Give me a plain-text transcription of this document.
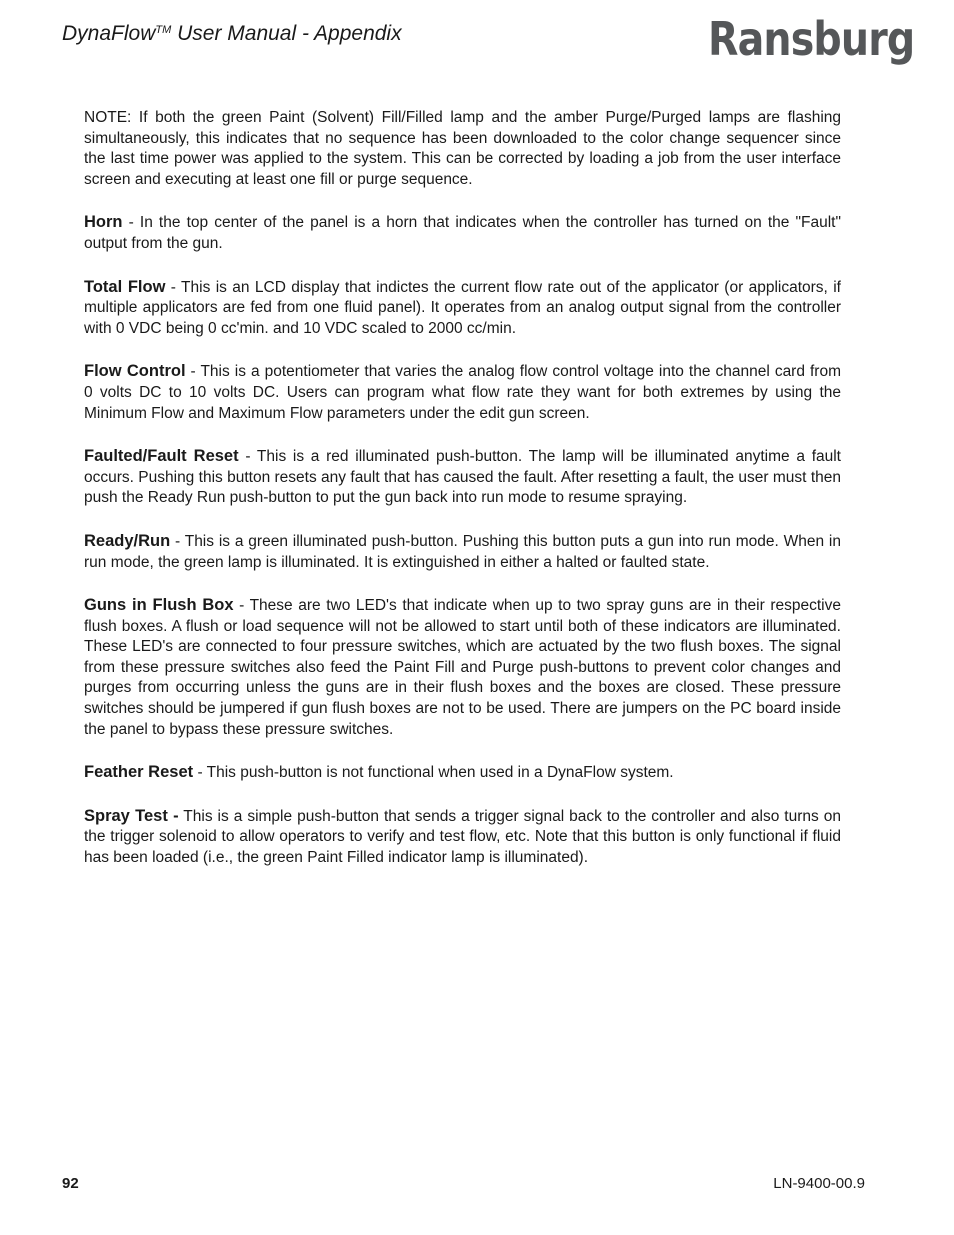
DynaFlow™ User Manual - Appendix	Ransburg

NOTE: If both the green Paint (Solvent) Fill/Filled lamp and the amber Purge/Purged lamps are flashing simultaneously, this indicates that no sequence has been downloaded to the color change sequencer since the last time power was applied to the system. This can be corrected by loading a job from the user interface screen and executing at least one fill or purge sequence.

Horn - In the top center of the panel is a horn that indicates when the controller has turned on the "Fault" output from the gun.

Total Flow - This is an LCD display that indictes the current flow rate out of the applicator (or applicators, if multiple applicators are fed from one fluid panel). It operates from an analog output signal from the controller with 0 VDC being 0 cc'min. and 10 VDC scaled to 2000 cc/min.

Flow Control - This is a potentiometer that varies the analog flow control voltage into the channel card from 0 volts DC to 10 volts DC. Users can program what flow rate they want for both extremes by using the Minimum Flow and Maximum Flow parameters under the edit gun screen.

Faulted/Fault Reset - This is a red illuminated push-button. The lamp will be illuminated anytime a fault occurs. Pushing this button resets any fault that has caused the fault. After resetting a fault, the user must then push the Ready Run push-button to put the gun back into run mode to resume spraying.

Ready/Run - This is a green illuminated push-button. Pushing this button puts a gun into run mode. When in run mode, the green lamp is illuminated. It is extinguished in either a halted or faulted state.

Guns in Flush Box - These are two LED's that indicate when up to two spray guns are in their respective flush boxes. A flush or load sequence will not be allowed to start until both of these indicators are illuminated. These LED's are connected to four pressure switches, which are actuated by the two flush boxes. The signal from these pressure switches also feed the Paint Fill and Purge push-buttons to prevent color changes and purges from occurring unless the guns are in their flush boxes and the boxes are closed. These pressure switches should be jumpered if gun flush boxes are not to be used. There are jumpers on the PC board inside the panel to bypass these pressure switches.

Feather Reset - This push-button is not functional when used in a DynaFlow system.

Spray Test - This is a simple push-button that sends a trigger signal back to the controller and also turns on the trigger solenoid to allow operators to verify and test flow, etc. Note that this button is only functional if fluid has been loaded (i.e., the green Paint Filled indicator lamp is illuminated).

92	LN-9400-00.9
